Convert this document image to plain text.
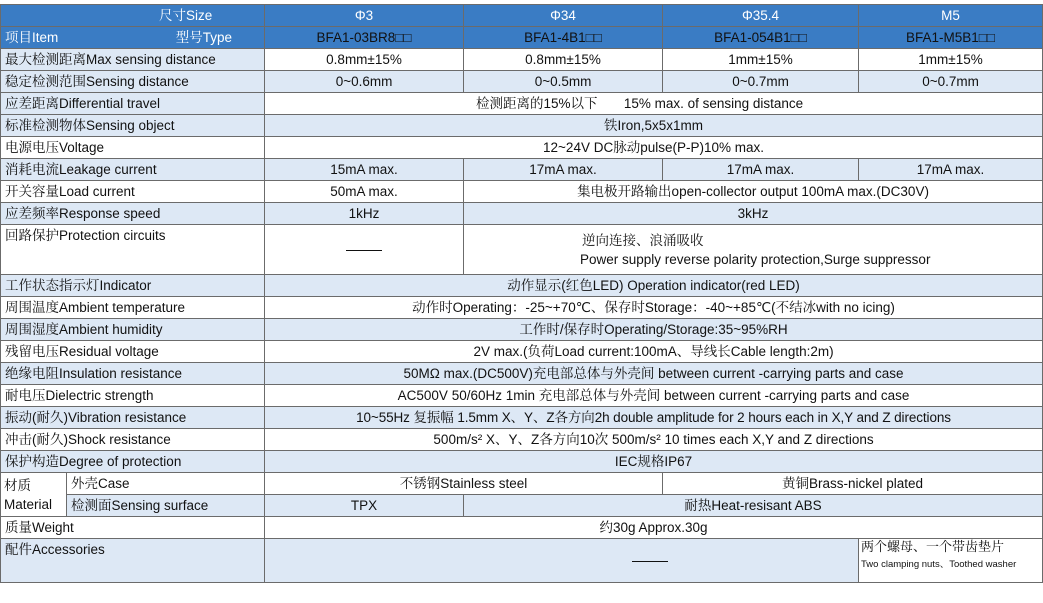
尺寸Size		Φ3	Φ34	Φ35.4	M5

项目Item 型号Type		BFA1-03BR8□□	BFA1-4B1□□	BFA1-054B1□□	BFA1-M5B1□□
最大检测距离Max sensing distance		0.8mm±15%	0.8mm±15%	1mm±15%	1mm±15%
稳定检测范围Sensing distance		0~0.6mm	0~0.5mm	0~0.7mm	0~0.7mm
应差距离Differential travel		检测距离的15%以下 15% max. of sensing distance			
标准检测物体Sensing object		铁Iron,5x5x1mm			
电源电压Voltage		12~24V DC脉动pulse(P-P)10% max.			
消耗电流Leakage current		15mA max.	17mA max.	17mA max.	17mA max.
开关容量Load current		50mA max.	集电极开路输出open-collector output 100mA max.(DC30V)		
应差频率Response speed		1kHz	3kHz		
回路保护Protection circuits			逆向连接、浪涌吸收
Power supply reverse polarity protection,Surge suppressor		

工作状态指示灯Indicator		动作显示(红色LED) Operation indicator(red LED)			
周围温度Ambient temperature		动作时Operating：-25~+70℃、保存时Storage：-40~+85℃(不结冰with no icing)			
周围湿度Ambient humidity		工作时/保存时Operating/Storage:35~95%RH			
残留电压Residual voltage		2V max.(负荷Load current:100mA、导线长Cable length:2m)			
绝缘电阻Insulation resistance		50MΩ max.(DC500V)充电部总体与外壳间 between current -carrying parts and case			
耐电压Dielectric strength		AC500V 50/60Hz 1min 充电部总体与外壳间 between current -carrying parts and case			
振动(耐久)Vibration resistance		10~55Hz 复振幅 1.5mm X、Y、Z各方向2h double amplitude for 2 hours each in X,Y and Z directions			
冲击(耐久)Shock resistance		500m/s² X、Y、Z各方向10次 500m/s² 10 times each X,Y and Z directions			
保护构造Degree of protection		IEC规格IP67			
材质 Material	外壳Case	不锈钢Stainless steel		黄铜Brass-nickel plated	
	检测面Sensing surface	TPX	耐热Heat-resisant ABS		
质量Weight		约30g Approx.30g			
配件Accessories					两个螺母、一个带齿垫片
Two clamping nuts、Toothed washer
